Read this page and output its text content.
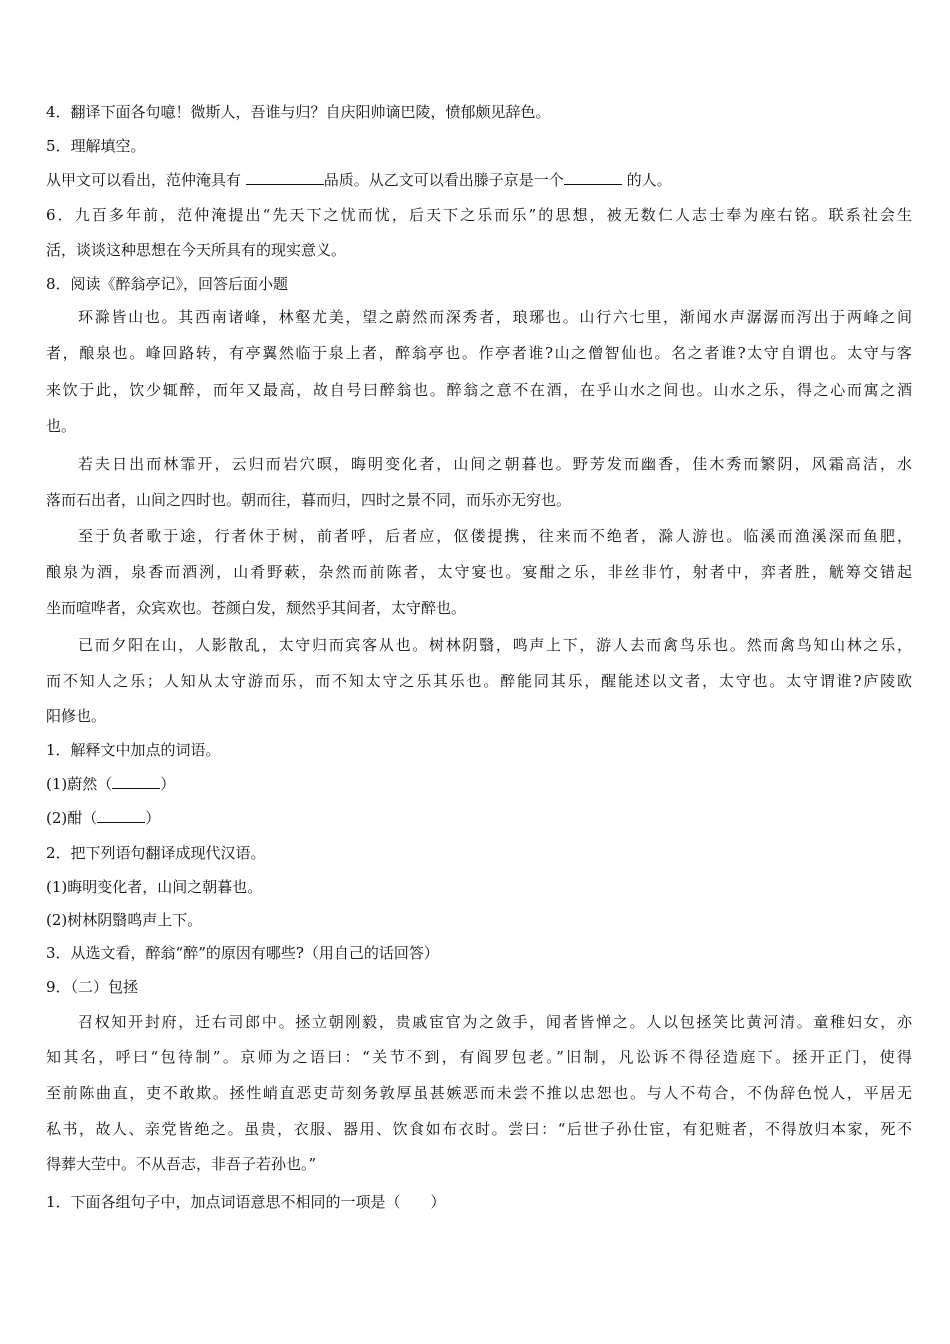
4．翻译下面各句噫！微斯人，吾谁与归？自庆阳帅谪巴陵，愤郁颇见辞色。
5．理解填空。
从甲文可以看出，范仲淹具有	品质。从乙文可以看出滕子京是一个	的人。
6．九百多年前，范仲淹提出“先天下之忧而忧，后天下之乐而乐”的思想，被无数仁人志士奉为座右铭。联系社会生
活，谈谈这种思想在今天所具有的现实意义。
8．阅读《醉翁亭记》，回答后面小题
环滁皆山也。其西南诸峰，林壑尤美，望之蔚然而深秀者，琅琊也。山行六七里，渐闻水声潺潺而泻出于两峰之间
者，酿泉也。峰回路转，有亭翼然临于泉上者，醉翁亭也。作亭者谁?山之僧智仙也。名之者谁?太守自谓也。太守与客
来饮于此，饮少辄醉，而年又最高，故自号曰醉翁也。醉翁之意不在酒，在乎山水之间也。山水之乐，得之心而寓之酒
也。
若夫日出而林霏开，云归而岩穴暝，晦明变化者，山间之朝暮也。野芳发而幽香，佳木秀而繁阴，风霜高洁，水
落而石出者，山间之四时也。朝而往，暮而归，四时之景不同，而乐亦无穷也。
至于负者歌于途，行者休于树，前者呼，后者应，伛偻提携，往来而不绝者，滁人游也。临溪而渔溪深而鱼肥，
酿泉为酒，泉香而酒洌，山肴野蔌，杂然而前陈者，太守宴也。宴酣之乐，非丝非竹，射者中，弈者胜，觥筹交错起
坐而喧哗者，众宾欢也。苍颜白发，颓然乎其间者，太守醉也。
已而夕阳在山，人影散乱，太守归而宾客从也。树林阴翳，鸣声上下，游人去而禽鸟乐也。然而禽鸟知山林之乐，
而不知人之乐；人知从太守游而乐，而不知太守之乐其乐也。醉能同其乐，醒能述以文者，太守也。太守谓谁?庐陵欧
阳修也。
1．解释文中加点的词语。
(1)蔚然（	）
(2)酣（	）
2．把下列语句翻译成现代汉语。
(1)晦明变化者，山间之朝暮也。
(2)树林阴翳鸣声上下。
3．从选文看，醉翁“醉”的原因有哪些?（用自己的话回答）
9．（二）包拯
召权知开封府，迁右司郎中。拯立朝刚毅，贵戚宦官为之敛手，闻者皆惮之。人以包拯笑比黄河清。童稚妇女，亦
知其名，呼曰“包待制”。京师为之语曰：“关节不到，有阎罗包老。”旧制，凡讼诉不得径造庭下。拯开正门，使得
至前陈曲直，吏不敢欺。拯性峭直恶吏苛刻务敦厚虽甚嫉恶而未尝不推以忠恕也。与人不苟合，不伪辞色悦人，平居无
私书，故人、亲党皆绝之。虽贵，衣服、器用、饮食如布衣时。尝曰：“后世子孙仕宦，有犯赃者，不得放归本家，死不
得葬大茔中。不从吾志，非吾子若孙也。”
1．下面各组句子中，加点词语意思不相同的一项是（　　）
